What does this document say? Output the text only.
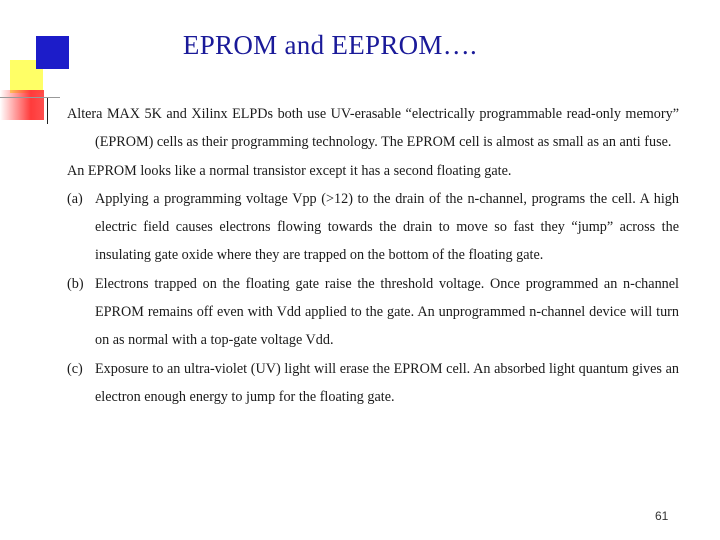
EPROM and EEPROM….

Altera MAX 5K and Xilinx ELPDs both use UV-erasable “electrically programmable read-only memory” (EPROM) cells as their programming technology. The EPROM cell is almost as small as an anti fuse.

An EPROM looks like a normal transistor except it has a second floating gate.

(a) Applying a programming voltage Vpp (>12) to the drain of the n-channel, programs the cell. A high electric field causes electrons flowing towards the drain to move so fast they “jump” across the insulating gate oxide where they are trapped on the bottom of the floating gate.
(b) Electrons trapped on the floating gate raise the threshold voltage. Once programmed an n-channel EPROM remains off even with Vdd applied to the gate. An unprogrammed n-channel device will turn on as normal with a top-gate voltage Vdd.
(c) Exposure to an ultra-violet (UV) light will erase the EPROM cell. An absorbed light quantum gives an electron enough energy to jump for the floating gate.
61
